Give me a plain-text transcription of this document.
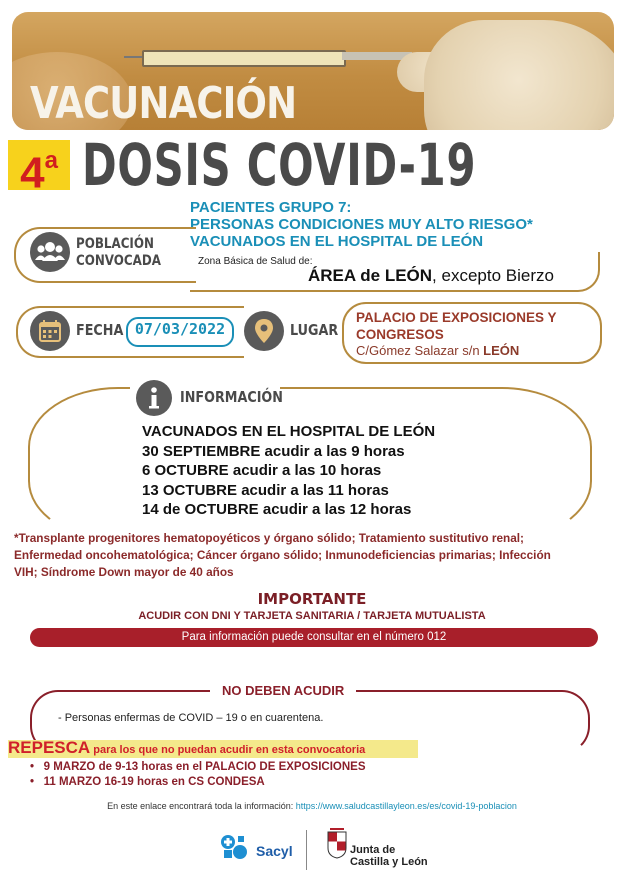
VACUNACIÓN
4$^a$ DOSIS COVID-19
PACIENTES GRUPO 7:
PERSONAS CONDICIONES MUY ALTO RIESGO*
VACUNADOS EN EL HOSPITAL DE LEÓN
POBLACIÓN
CONVOCADA	Zona Básica de Salud de:
ÁREA de LEÓN, excepto Bierzo
FECHA 07/03/2022	LUGAR
PALACIO DE EXPOSICIONES Y
CONGRESOS
C/Gómez Salazar s/n LEÓN
INFORMACIÓN
VACUNADOS EN EL HOSPITAL DE LEÓN
30 SEPTIEMBRE acudir a las 9 horas
6 OCTUBRE acudir a las 10 horas
13 OCTUBRE acudir a las 11 horas
14 de OCTUBRE acudir a las 12 horas
*Transplante progenitores hematopoyéticos y órgano sólido; Tratamiento sustitutivo renal;
Enfermedad oncohematológica; Cáncer órgano sólido; Inmunodeficiencias primarias; Infección
VIH; Síndrome Down mayor de 40 años
IMPORTANTE
ACUDIR CON DNI Y TARJETA SANITARIA / TARJETA MUTUALISTA
Para información puede consultar en el número 012
NO DEBEN ACUDIR
- Personas enfermas de COVID – 19 o en cuarentena.
REPESCA para los que no puedan acudir en esta convocatoria
•   9 MARZO de 9-13 horas en el PALACIO DE EXPOSICIONES
•   11 MARZO 16-19 horas en CS CONDESA
En este enlace encontrará toda la información: https://www.saludcastillayleon.es/es/covid-19-poblacion
Sacyl	Junta de
Castilla y León
